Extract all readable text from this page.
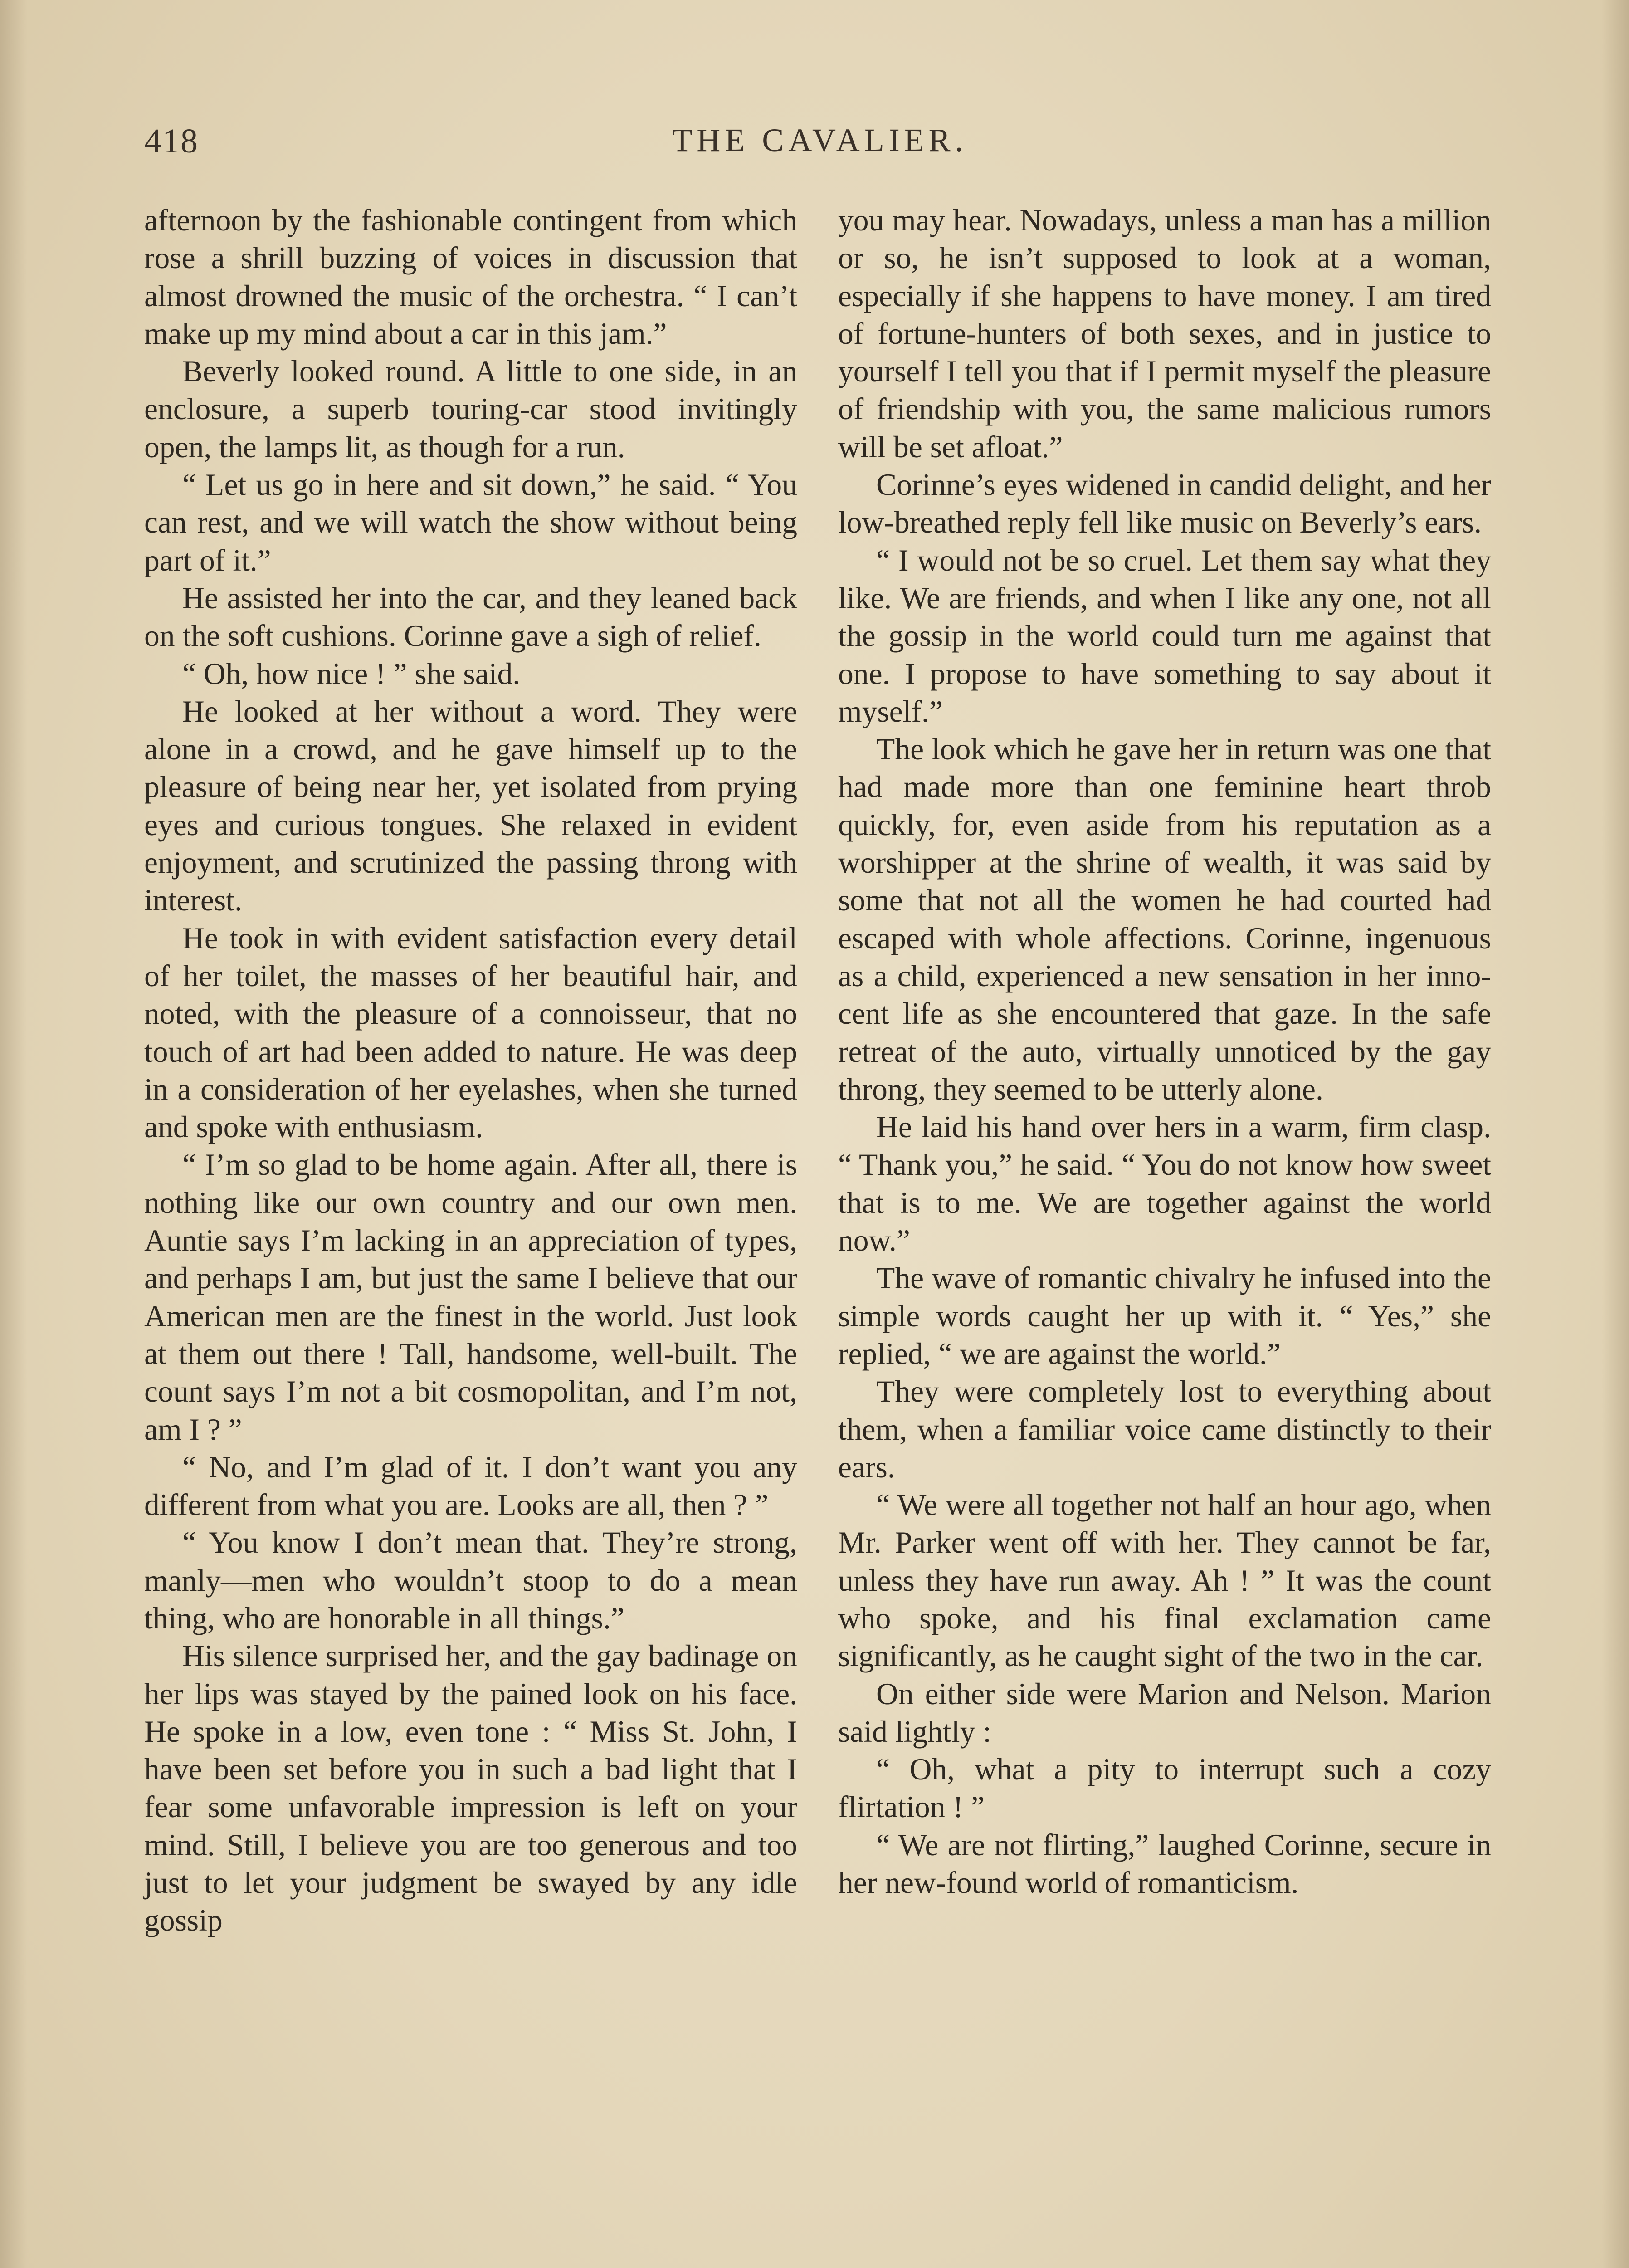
418	THE CAVALIER.

afternoon by the fashionable contingent from which rose a shrill buzzing of voices in discussion that almost drowned the music of the orchestra. “ I can’t make up my mind about a car in this jam.”

Beverly looked round. A little to one side, in an enclosure, a superb touring-car stood invitingly open, the lamps lit, as though for a run.

“ Let us go in here and sit down,” he said. “ You can rest, and we will watch the show without being part of it.”

He assisted her into the car, and they leaned back on the soft cushions. Corinne gave a sigh of relief.

“ Oh, how nice ! ” she said.

He looked at her without a word. They were alone in a crowd, and he gave himself up to the pleasure of being near her, yet isolated from prying eyes and curious tongues. She relaxed in evident enjoyment, and scrutinized the passing throng with interest.

He took in with evident satisfaction every detail of her toilet, the masses of her beautiful hair, and noted, with the pleasure of a connoisseur, that no touch of art had been added to nature. He was deep in a consideration of her eyelashes, when she turned and spoke with enthusiasm.

“ I’m so glad to be home again. After all, there is nothing like our own country and our own men. Auntie says I’m lacking in an appreciation of types, and perhaps I am, but just the same I believe that our American men are the finest in the world. Just look at them out there ! Tall, handsome, well-built. The count says I’m not a bit cosmopolitan, and I’m not, am I ? ”

“ No, and I’m glad of it. I don’t want you any different from what you are. Looks are all, then ? ”

“ You know I don’t mean that. They’re strong, manly—men who wouldn’t stoop to do a mean thing, who are honorable in all things.”

His silence surprised her, and the gay badinage on her lips was stayed by the pained look on his face. He spoke in a low, even tone : “ Miss St. John, I have been set before you in such a bad light that I fear some unfavorable impression is left on your mind. Still, I believe you are too generous and too just to let your judgment be swayed by any idle gossip

you may hear. Nowadays, unless a man has a million or so, he isn’t supposed to look at a woman, especially if she happens to have money. I am tired of fortune-hunters of both sexes, and in justice to yourself I tell you that if I permit myself the pleasure of friendship with you, the same malicious rumors will be set afloat.”

Corinne’s eyes widened in candid delight, and her low-breathed reply fell like music on Beverly’s ears.

“ I would not be so cruel. Let them say what they like. We are friends, and when I like any one, not all the gossip in the world could turn me against that one. I propose to have something to say about it myself.”

The look which he gave her in return was one that had made more than one feminine heart throb quickly, for, even aside from his reputation as a worshipper at the shrine of wealth, it was said by some that not all the women he had courted had escaped with whole affections. Corinne, ingenuous as a child, experienced a new sensation in her innocent life as she encountered that gaze. In the safe retreat of the auto, virtually unnoticed by the gay throng, they seemed to be utterly alone.

He laid his hand over hers in a warm, firm clasp. “ Thank you,” he said. “ You do not know how sweet that is to me. We are together against the world now.”

The wave of romantic chivalry he infused into the simple words caught her up with it. “ Yes,” she replied, “ we are against the world.”

They were completely lost to everything about them, when a familiar voice came distinctly to their ears.

“ We were all together not half an hour ago, when Mr. Parker went off with her. They cannot be far, unless they have run away. Ah ! ” It was the count who spoke, and his final exclamation came significantly, as he caught sight of the two in the car.

On either side were Marion and Nelson. Marion said lightly :

“ Oh, what a pity to interrupt such a cozy flirtation ! ”

“ We are not flirting,” laughed Corinne, secure in her new-found world of romanticism.
